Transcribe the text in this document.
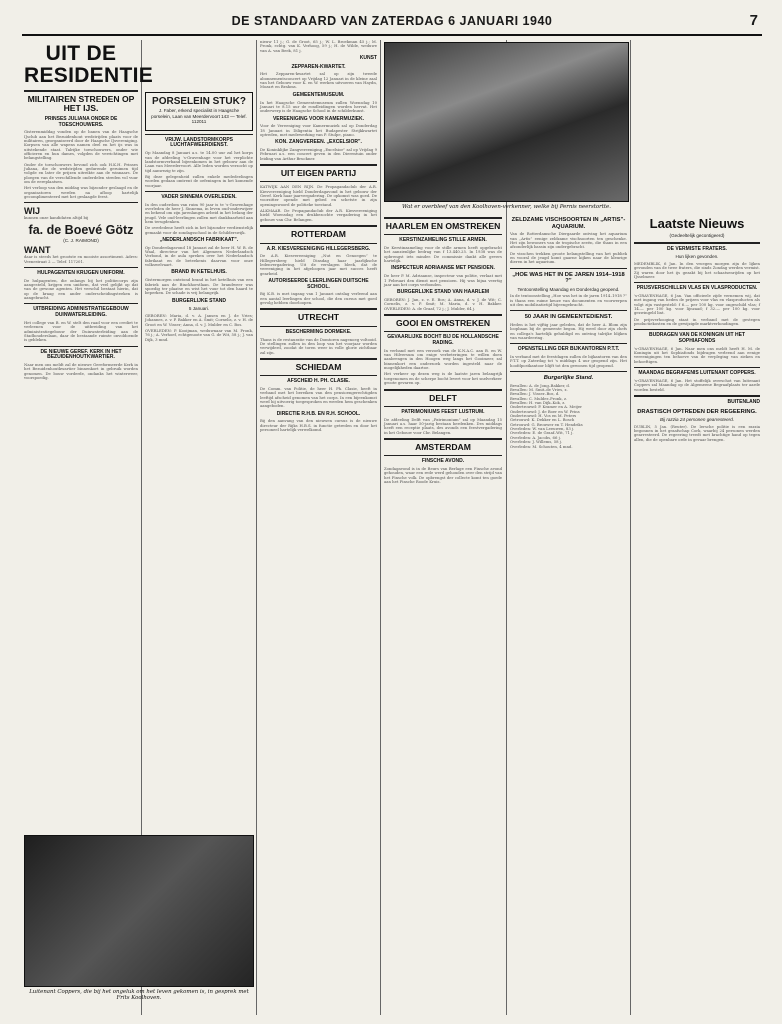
DE STANDAARD VAN ZATERDAG 6 JANUARI 1940	7
UIT DE RESIDENTIE
MILITAIREN STREDEN OP HET IJS.
PRINSES JULIANA ONDER DE TOESCHOUWERS.

Gisterenmiddag vonden op de banen van de Haagsche IJsclub aan het Bezuidenhout wedstrijden plaats voor de militairen, georganiseerd door de Haagsche IJsvereniging. Korpsen van alle wapens namen deel en het ijs was in uitstekende staat. Talrijke toeschouwers, onder wie officieren en hun dames, volgden de verrichtingen met belangstelling.

Onder de toeschouwers bevond zich ook H.K.H. Prinses Juliana, die de wedstrijden gedurende geruimen tijd volgde en later de prijzen uitreikte aan de winnaars. De ploegen van de verschillende onderdelen streden vol vuur om de eereplaatsen.

Het verloop van den middag was bijzonder geslaagd en de organisatoren werden na afloop hartelijk gecomplimenteerd met het geslaagde feest.

WIJ
kunnen onze kandidaten altijd bij
fa. de Boevé Götz
(C. J. RAIMOND)
WANT
daar is steeds het grootste en mooiste assortiment. Adres: Veenestraat 2 — Telef. 117201.
HULPAGENTEN KRIJGEN UNIFORM.

De hulpagenten, die onlangs bij het politiecorps zijn aangesteld, krijgen een uniform, dat veel gelijkt op dat van de gewone agenten. Het verschil bestaat hierin, dat op de kraag een ander onderscheidingsteeken is aangebracht.

UITBREIDING ADMINISTRATIEGEBOUW DUINWATERLEIDING.

Het college van B. en W. stelt den raad voor een crediet te verleenen voor de uitbreiding van het administratiegebouw der Duinwaterleiding aan de Stadhouderslaan, daar de bestaande ruimte onvoldoende is gebleken.

DE NIEUWE GEREF. KERK IN HET BEZUIDENHOUTKWARTIER.

Naar men ons meldt zal de nieuwe Gereformeerde Kerk in het Bezuidenhoutkwartier binnenkort in gebruik worden genomen. De bouw vorderde, ondanks het winterweer, voorspoedig.

Luitenant Coppers, die bij het ongeluk om het leven gekomen is, in gesprek met Frits Koolhoven.
PORSELEIN STUK?
J. Faber, erkend specialist in Haagsche porselein, Laan van Meerdervoort 143 — Telef. 112011
VRIJW. LANDSTORMKORPS LUCHTAFWEERDIENST.

Op Maandag 8 Januari a.s. te 14.00 uur zal het korps van de afdeeling 's-Gravenhage voor het verplichte landstormverband bijeenkomen in het gebouw aan de Laan van Meerdervoort. Alle leden worden verzocht op tijd aanwezig te zijn.

Bij deze gelegenheid zullen enkele mededeelingen worden gedaan omtrent de oefeningen in het komende voorjaar.

VADER SINNEMA OVERLEDEN.

In den ouderdom van ruim 90 jaar is te 's-Gravenhage overleden de heer J. Sinnema, in leven oud-onderwijzer en bekend om zijn jarenlangen arbeid in het belang der jeugd. Vele oud-leerlingen zullen met dankbaarheid aan hem terugdenken.

De overledene heeft zich in het bijzonder verdienstelijk gemaakt voor de zondagsschool in de Schilderswijk.

„NEDERLANDSCH FABRIKAAT”.

Op Donderdagavond 18 Januari zal de heer H. W. B. de Waal, directeur van het Algemeen Nederlandsch Verbond, in de aula spreken over het Nederlandsch fabrikaat en de beteekenis daarvan voor onze volkswelvaart.

BRAND IN KETELHUIS.

Gistermorgen ontstond brand in het ketelhuis van een fabriek aan de Binckhorstlaan. De brandweer was spoedig ter plaatse en wist het vuur tot den haard te beperken. De schade is vrij belangrijk.

BURGERLIJKE STAND
5 Januari.

GEBOREN: Maria, d. v. A. Jansen en J. de Vries; Johannes, z. v. P. Bakker en A. Smit; Cornelis, z. v. H. de Groot en W. Visser; Anna, d. v. J. Mulder en C. Bos.

OVERLEDEN: P. Kooijman, weduwnaar van M. Pronk, 76 j.; A. Verhoef, echtgenoote van G. de Wit, 58 j.; J. van Dijk, 3 mnd.

nieuw 11 j.; G. de Groot, 65 j.; W. L. Broekman 45 j.; M. Pronk, echtg. van K. Verhoog, 59 j.; H. de Wilde, weduwe van A. van Beek, 81 j.

KUNST
ZEPPAREN-KWARTET.

Het Zepparen-kwartet zal op zijn tweede abonnementsconcert op Vrijdag 12 Januari in de kleine zaal van het Gebouw voor K. en W. werken uitvoeren van Haydn, Mozart en Brahms.

GEMEENTEMUSEUM.

In het Haagsche Gemeentemuseum zullen Woensdag 10 Januari te 8.15 uur de rondleidingen worden hervat. Het onderwerp is de Haagsche School in de schilderkunst.

VEREENIGING VOOR KAMERMUZIEK.

Voor de Vereeniging voor Kamermuziek zal op Donderdag 18 Januari in Diligentia het Budapester Strijkkwartet optreden, met medewerking van P. Stulpe, piano.

KON. ZANGVEREEN. „EXCELSIOR”.

De Koninklijke Zangvereeniging „Excelsior” zal op Vrijdag 9 Februari a.s. een concert geven in den Dierentuin onder leiding van Arthur Bruckner.

UIT EIGEN PARTIJ

KATWIJK AAN DEN RIJN. De Propagandaclub der A.R. Kiesvereeniging hield Donderdagavond in het gebouw der Geref. Kerk haar jaarvergadering. De opkomst was goed. De voorzitter opende met gebed en schetste in zijn openingswoord de politieke toestand.

ALKMAAR. De Propagandaclub der A.R. Kiesvereeniging hield Woensdag een drukbezochte vergadering in het gebouw van Chr. Belangen.

ROTTERDAM
A.R. KIESVEREENIGING HILLEGERSBERG.

De A.R. Kiesvereeniging „Nut en Genoegen” te Hillegersberg hield Dinsdag haar jaarlijksche ledenvergadering. Uit de verslagen bleek, dat de vereeniging in het afgeloopen jaar met succes heeft gearbeid.

AUTORISEERDE LEERLINGEN DUITSCHE SCHOOL.

Bij K.B. is met ingang van 1 Januari ontslag verleend aan een aantal leerlingen der school, die den cursus met goed gevolg hebben doorloopen.

UTRECHT
BESCHERMING DORMEKE.

Thans is de restauratie van de Domtoren nagenoeg voltooid. De stellingen zullen in den loop van het voorjaar worden verwijderd, zoodat de toren weer in volle glorie zichtbaar zal zijn.

SCHIEDAM
AFSCHEID H. PH. CLASIE.

De Comm. van Politie, de heer H. Ph. Clasie, heeft in verband met het bereiken van den pensioengerechtigden leeftijd afscheid genomen van het corps. In een bijeenkomst werd hij uitvoerig toegesproken en werden hem geschenken aangeboden.

DIRECTIE R.H.B. EN R.H. SCHOOL.

Bij den aanvang van den nieuwen cursus is de nieuwe directeur der Rijks H.B.S. in functie getreden en door het personeel hartelijk verwelkomd.

Wat er overbleef van den Koolhoven-verkenner, welke bij Pernis neerstortte.
HAARLEM EN OMSTREKEN
KERSTINZAMELING STILLE ARMEN.

De Kerstinzameling voor de stille armen heeft opgebracht het aanzienlijke bedrag van f 13.440.25. In 1938 was de opbrengst iets minder. De commissie dankt alle gevers hartelijk.

INSPECTEUR ADRIAANSE MET PENSIOEN.

De heer P. M. Adriaanse, inspecteur van politie, verlaat met 1 Februari den dienst met pensioen. Hij was bijna veertig jaar aan het corps verbonden.

BURGERLIJKE STAND VAN HAARLEM

GEBOREN: J. Jan, z. v. E. Bos; A. Anna, d. v. J. de Wit; C. Cornelis, z. v. P. Smit; M. Maria, d. v. H. Bakker. OVERLEDEN: A. de Graaf, 72 j.; J. Mulder, 64 j.

GOOI EN OMSTREKEN
GEVAARLIJKE BOCHT BIJ DE HOLLANDSCHE RADING.

In verband met een verzoek van de K.N.A.C. aan B. en W. van Hilversum om enige verbeteringen te willen doen aanbrengen in den Hoogen weg langs het Gooimeer, zal binnenkort een onderzoek worden ingesteld naar de mogelijkheden daartoe.

Het verkeer op dezen weg is de laatste jaren belangrijk toegenomen en de scherpe bocht levert voor het snelverkeer groote gevaren op.

DELFT
PATRIMONIUMS FEEST LUSTRUM.

De afdeeling Delft van „Patrimonium” zal op Maandag 15 Januari a.s. haar 50-jarig bestaan herdenken. Des middags heeft een receptie plaats, des avonds een feestvergadering in het Gebouw voor Chr. Belangen.

AMSTERDAM
FINSCHE AVOND.

Zondagavond is in de Beurs van Berlage een Finsche avond gehouden, waar een rede werd gehouden over den strijd van het Finsche volk. De opbrengst der collecte komt ten goede aan het Finsche Roode Kruis.

ZELDZAME VISCHSOORTEN IN „ARTIS”-AQUARIUM.

Van de Rotterdamsche Diergaarde ontving het aquarium van „Artis” eenige zeldzame vischsoorten ten geschenke. Het zijn bewoners van de tropische zeeën, die thans in een afzonderlijk bassin zijn ondergebracht.

De visschen trekken groote belangstelling van het publiek en vooral de jeugd komt gaarne kijken naar de kleurige dieren in het aquarium.

„HOE WAS HET IN DE JAREN 1914–1918 ?”
Tentoonstelling Maandag en Donderdag geopend.

In de tentoonstelling „Hoe was het in de jaren 1914–1918 ?” is thans een ruime keuze van documenten en voorwerpen uit den mobilisatietijd bijeengebracht.

50 JAAR IN GEMEENTEDIENST.

Heden is het vijftig jaar geleden, dat de heer A. Blom zijn loopbaan bij de gemeente begon. Hij werd door zijn chefs en collega's hartelijk gehuldigd en ontving talrijke blijken van waardeering.

OPENSTELLING DER BIJKANTOREN P.T.T.

In verband met de feestdagen zullen de bijkantoren van den P.T.T. op Zaterdag tot 's middags 4 uur geopend zijn. Het hoofdpostkantoor blijft tot den gewonen tijd geopend.

Burgerlijke Stand.
Bevallen: A. de Jong–Bakker, d.
Bevallen: M. Smit–de Vries, z.
Bevallen: J. Visser–Bos, d.
Bevallen: C. Mulder–Pronk, z.
Bevallen: H. van Dijk–Kok, z.
Ondertrouwd: P. Kramer en A. Meijer
Ondertrouwd: J. de Boer en W. Prins
Ondertrouwd: H. Vos en M. Peters
Getrouwd: K. Dekker en L. Bosch
Getrouwd: G. Brouwer en T. Hendriks
Overleden: W. van Leeuwen, 83 j.
Overleden: E. de Graaf–Wit, 71 j.
Overleden: A. Jacobs, 66 j.
Overleden: J. Willems, 58 j.
Overleden: M. Schouten, 4 mnd.
Laatste Nieuws
(Gedeeltelijk gecontigeerd)
DE VERMISTE FRATERS.
Hun lijken gevonden.

MEDEMBLIK, 6 Jan. In den vroegen morgen zijn de lijken gevonden van de twee fraters, die sinds Zondag werden vermist. Zij waren door het ijs gezakt bij het schaatsenrijden op het IJsselmeer.

PRIJSVERSCHILLEN VLAS EN VLASPRODUCTEN.

's-GRAVENHAGE, 6 Jan. Van officieele zijde vernemen wij, dat met ingang van heden de prijzen voor vlas en vlasproducten als volgt zijn vastgesteld: f 6.— per 100 kg. voor ongeschild vlas; f 14.— per 100 kg. voor lijnzaad; f 32.— per 100 kg. voor gezwingeld lint.

De prijsverhooging staat in verband met de gestegen productiekosten en de gewijzigde marktverhoudingen.

BUDRAGEN VAN DE KONINGIN UIT HET SOPHIAFONDS

's-GRAVENHAGE, 6 Jan. Naar men ons meldt heeft H. M. de Koningin uit het Sophiafonds bijdragen verleend aan eenige vereenigingen ten behoeve van de verpleging van zieken en behoeftigen.

MAANDAG BEGRAFENIS LUITENANT COPPERS.

's-GRAVENHAGE, 6 Jan. Het stoffelijk overschot van luitenant Coppers zal Maandag op de Algemeene Begraafplaats ter aarde worden besteld.

BUITENLAND
DRASTISCH OPTREDEN DER REGEERING.
Bij razzia 24 personen gearresteerd.

DUBLIN, 5 Jan. (Reuter). De Iersche politie is een razzia begonnen in het graafschap Cork, waarbij 24 personen werden gearresteerd. De regeering treedt met krachtige hand op tegen allen, die de openbare orde in gevaar brengen.
